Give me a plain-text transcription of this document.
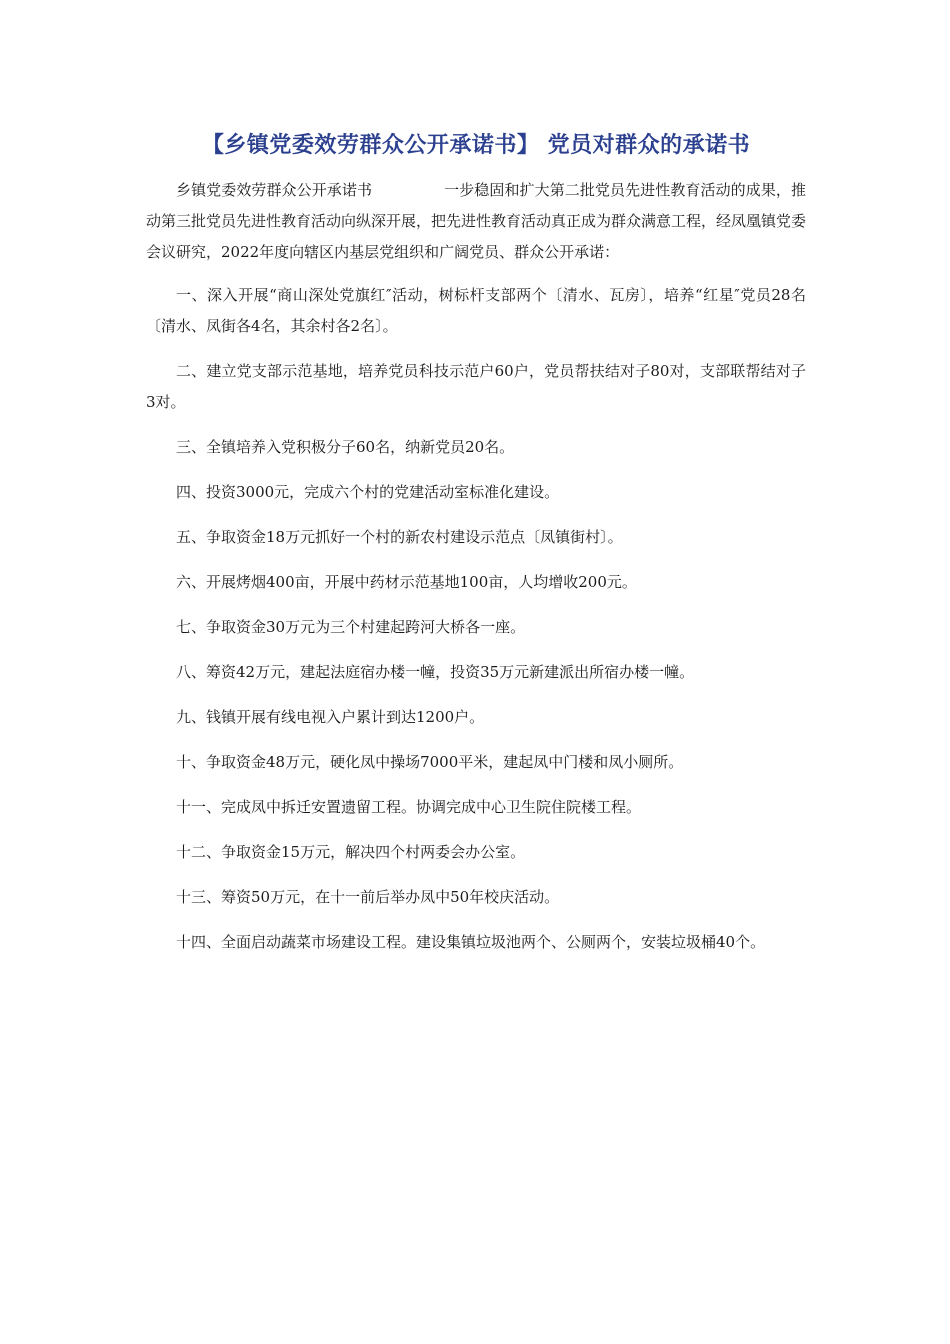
【乡镇党委效劳群众公开承诺书】 党员对群众的承诺书

乡镇党委效劳群众公开承诺书	一步稳固和扩大第二批党员先进性教育活动的成果，推动第三批党员先进性教育活动向纵深开展，把先进性教育活动真正成为群众满意工程，经凤凰镇党委会议研究，2022年度向辖区内基层党组织和广阔党员、群众公开承诺：

一、深入开展“商山深处党旗红″活动，树标杆支部两个〔清水、瓦房〕，培养“红星″党员28名〔清水、凤街各4名，其余村各2名〕。

二、建立党支部示范基地，培养党员科技示范户60户，党员帮扶结对子80对，支部联帮结对子3对。

三、全镇培养入党积极分子60名，纳新党员20名。

四、投资3000元，完成六个村的党建活动室标准化建设。

五、争取资金18万元抓好一个村的新农村建设示范点〔凤镇街村〕。

六、开展烤烟400亩，开展中药材示范基地100亩，人均增收200元。

七、争取资金30万元为三个村建起跨河大桥各一座。

八、筹资42万元，建起法庭宿办楼一幢，投资35万元新建派出所宿办楼一幢。

九、钱镇开展有线电视入户累计到达1200户。

十、争取资金48万元，硬化凤中操场7000平米，建起凤中门楼和凤小厕所。

十一、完成凤中拆迁安置遗留工程。协调完成中心卫生院住院楼工程。

十二、争取资金15万元，解决四个村两委会办公室。

十三、筹资50万元，在十一前后举办凤中50年校庆活动。

十四、全面启动蔬菜市场建设工程。建设集镇垃圾池两个、公厕两个，安装垃圾桶40个。
